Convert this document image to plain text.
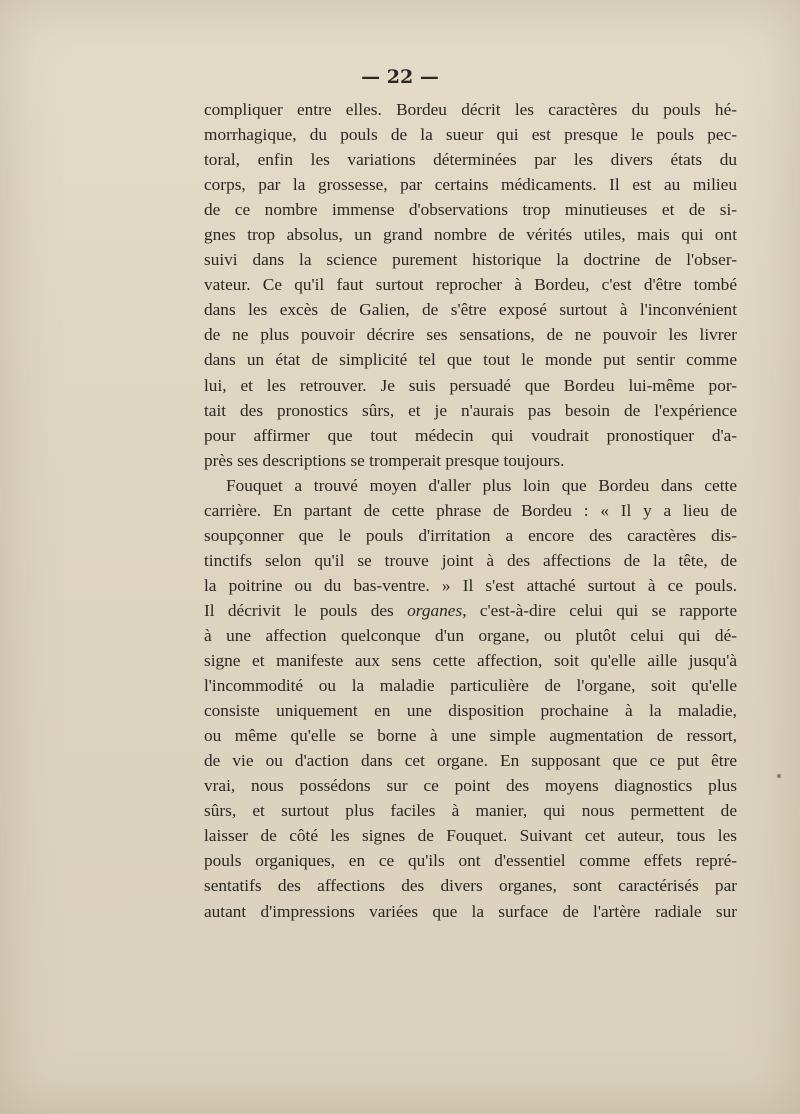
— 22 —

compliquer entre elles. Bordeu décrit les caractères du pouls hé-
morrhagique, du pouls de la sueur qui est presque le pouls pec-
toral, enfin les variations déterminées par les divers états du
corps, par la grossesse, par certains médicaments. Il est au milieu
de ce nombre immense d'observations trop minutieuses et de si-
gnes trop absolus, un grand nombre de vérités utiles, mais qui ont
suivi dans la science purement historique la doctrine de l'obser-
vateur. Ce qu'il faut surtout reprocher à Bordeu, c'est d'être tombé
dans les excès de Galien, de s'être exposé surtout à l'inconvénient
de ne plus pouvoir décrire ses sensations, de ne pouvoir les livrer
dans un état de simplicité tel que tout le monde put sentir comme
lui, et les retrouver. Je suis persuadé que Bordeu lui-même por-
tait des pronostics sûrs, et je n'aurais pas besoin de l'expérience
pour affirmer que tout médecin qui voudrait pronostiquer d'a-
près ses descriptions se tromperait presque toujours.
Fouquet a trouvé moyen d'aller plus loin que Bordeu dans cette
carrière. En partant de cette phrase de Bordeu : « Il y a lieu de
soupçonner que le pouls d'irritation a encore des caractères dis-
tinctifs selon qu'il se trouve joint à des affections de la tête, de
la poitrine ou du bas-ventre. » Il s'est attaché surtout à ce pouls.
Il décrivit le pouls des organes, c'est-à-dire celui qui se rapporte
à une affection quelconque d'un organe, ou plutôt celui qui dé-
signe et manifeste aux sens cette affection, soit qu'elle aille jusqu'à
l'incommodité ou la maladie particulière de l'organe, soit qu'elle
consiste uniquement en une disposition prochaine à la maladie,
ou même qu'elle se borne à une simple augmentation de ressort,
de vie ou d'action dans cet organe. En supposant que ce put être
vrai, nous possédons sur ce point des moyens diagnostics plus
sûrs, et surtout plus faciles à manier, qui nous permettent de
laisser de côté les signes de Fouquet. Suivant cet auteur, tous les
pouls organiques, en ce qu'ils ont d'essentiel comme effets repré-
sentatifs des affections des divers organes, sont caractérisés par
autant d'impressions variées que la surface de l'artère radiale sur
